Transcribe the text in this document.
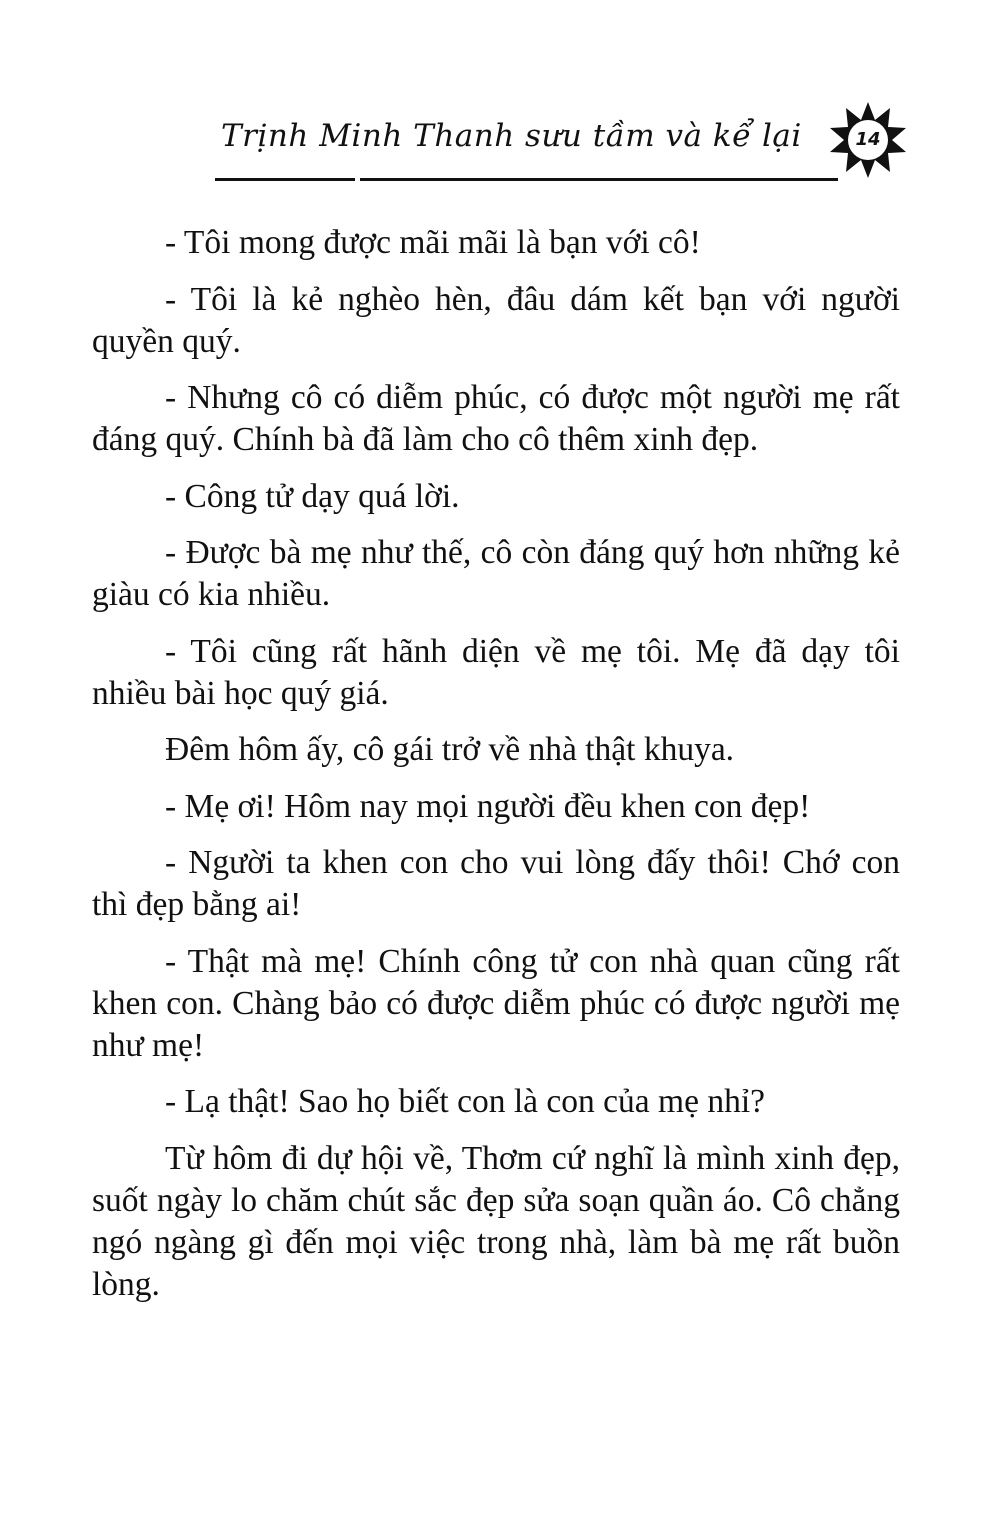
Trịnh Minh Thanh sưu tầm và kể lại	14

- Tôi mong được mãi mãi là bạn với cô!

- Tôi là kẻ nghèo hèn, đâu dám kết bạn với người quyền quý.

- Nhưng cô có diễm phúc, có được một người mẹ rất đáng quý. Chính bà đã làm cho cô thêm xinh đẹp.

- Công tử dạy quá lời.

- Được bà mẹ như thế, cô còn đáng quý hơn những kẻ giàu có kia nhiều.

- Tôi cũng rất hãnh diện về mẹ tôi. Mẹ đã dạy tôi nhiều bài học quý giá.

Đêm hôm ấy, cô gái trở về nhà thật khuya.

- Mẹ ơi! Hôm nay mọi người đều khen con đẹp!

- Người ta khen con cho vui lòng đấy thôi! Chớ con thì đẹp bằng ai!

- Thật mà mẹ! Chính công tử con nhà quan cũng rất khen con. Chàng bảo có được diễm phúc có được người mẹ như mẹ!

- Lạ thật! Sao họ biết con là con của mẹ nhỉ?

Từ hôm đi dự hội về, Thơm cứ nghĩ là mình xinh đẹp, suốt ngày lo chăm chút sắc đẹp sửa soạn quần áo. Cô chẳng ngó ngàng gì đến mọi việc trong nhà, làm bà mẹ rất buồn lòng.
